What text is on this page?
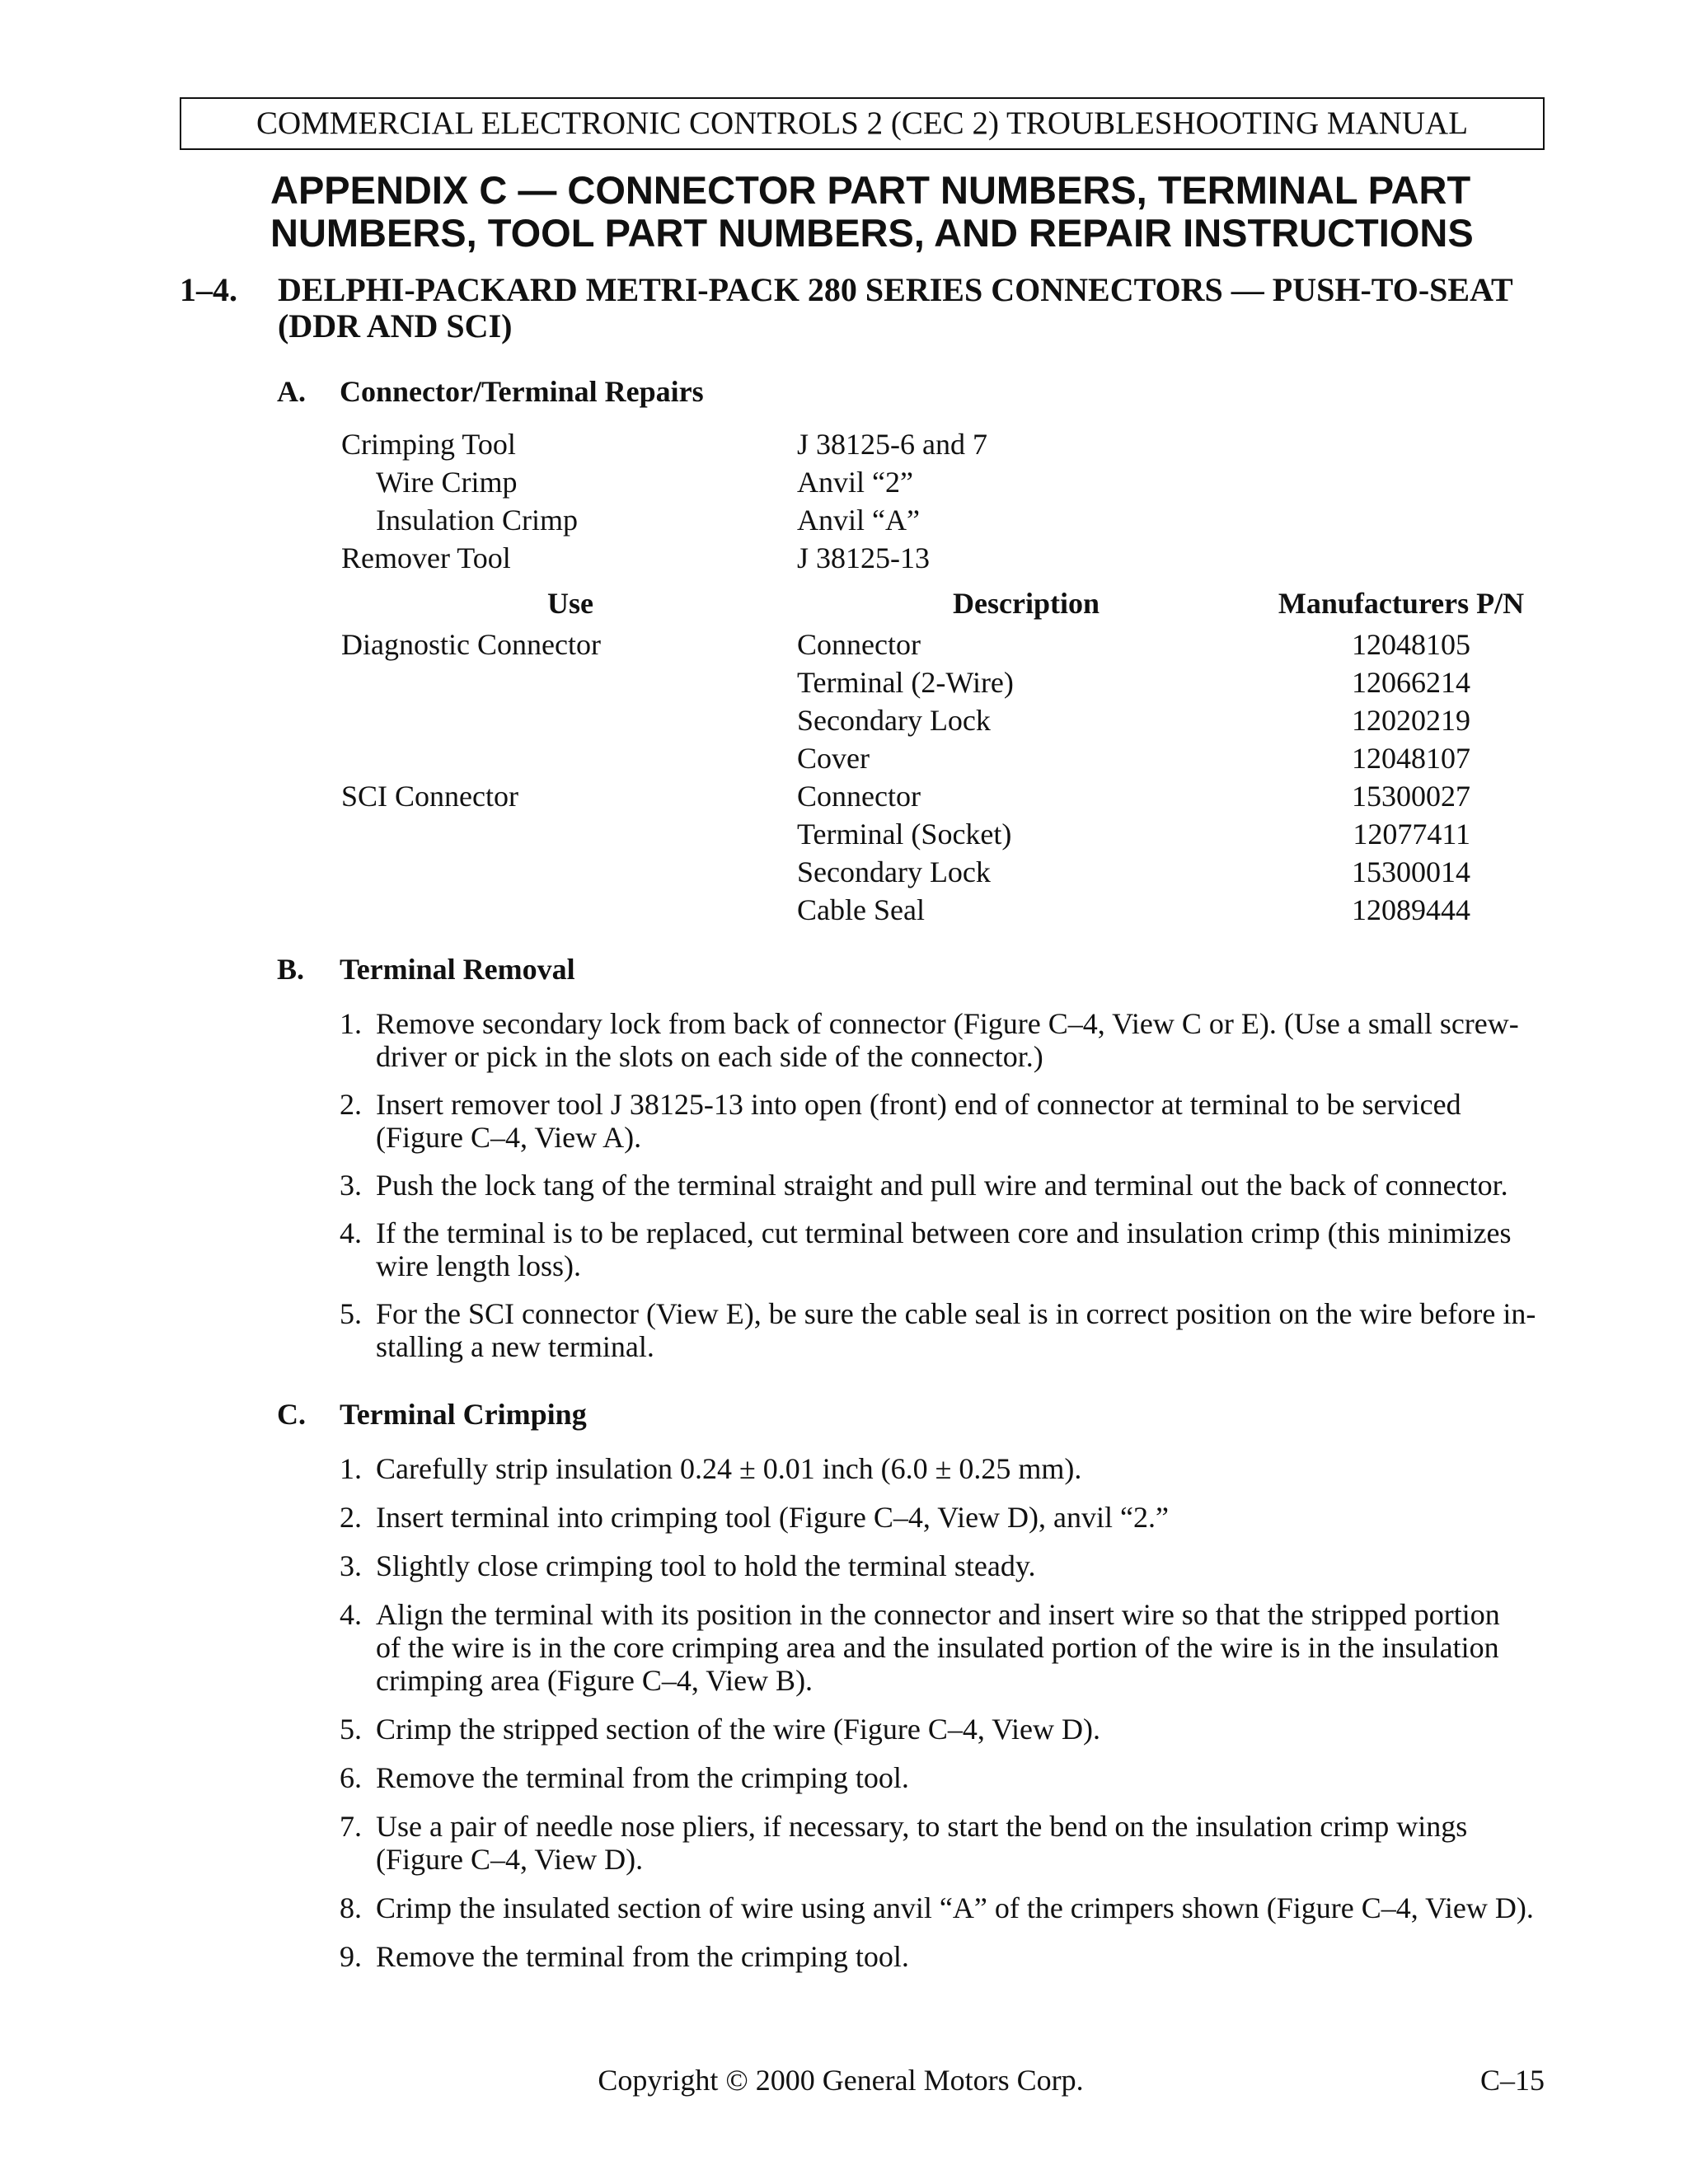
COMMERCIAL ELECTRONIC CONTROLS 2 (CEC 2) TROUBLESHOOTING MANUAL
APPENDIX C — CONNECTOR PART NUMBERS, TERMINAL PART
NUMBERS, TOOL PART NUMBERS, AND REPAIR INSTRUCTIONS
1–4. DELPHI-PACKARD METRI-PACK 280 SERIES CONNECTORS — PUSH-TO-SEAT
(DDR AND SCI)
A. Connector/Terminal Repairs
Crimping Tool	J 38125-6 and 7
Wire Crimp	Anvil “2”
Insulation Crimp	Anvil “A”
Remover Tool	J 38125-13
Use	Description	Manufacturers P/N
Diagnostic Connector	Connector	12048105
Terminal (2-Wire)	12066214
Secondary Lock	12020219
Cover	12048107
SCI Connector	Connector	15300027
Terminal (Socket)	12077411
Secondary Lock	15300014
Cable Seal	12089444
B. Terminal Removal
1. Remove secondary lock from back of connector (Figure C–4, View C or E). (Use a small screw-
driver or pick in the slots on each side of the connector.)
2. Insert remover tool J 38125-13 into open (front) end of connector at terminal to be serviced
(Figure C–4, View A).
3. Push the lock tang of the terminal straight and pull wire and terminal out the back of connector.
4. If the terminal is to be replaced, cut terminal between core and insulation crimp (this minimizes
wire length loss).
5. For the SCI connector (View E), be sure the cable seal is in correct position on the wire before in-
stalling a new terminal.
C. Terminal Crimping
1. Carefully strip insulation 0.24 ± 0.01 inch (6.0 ± 0.25 mm).
2. Insert terminal into crimping tool (Figure C–4, View D), anvil “2.”
3. Slightly close crimping tool to hold the terminal steady.
4. Align the terminal with its position in the connector and insert wire so that the stripped portion
of the wire is in the core crimping area and the insulated portion of the wire is in the insulation
crimping area (Figure C–4, View B).
5. Crimp the stripped section of the wire (Figure C–4, View D).
6. Remove the terminal from the crimping tool.
7. Use a pair of needle nose pliers, if necessary, to start the bend on the insulation crimp wings
(Figure C–4, View D).
8. Crimp the insulated section of wire using anvil “A” of the crimpers shown (Figure C–4, View D).
9. Remove the terminal from the crimping tool.
Copyright © 2000 General Motors Corp.	C–15
